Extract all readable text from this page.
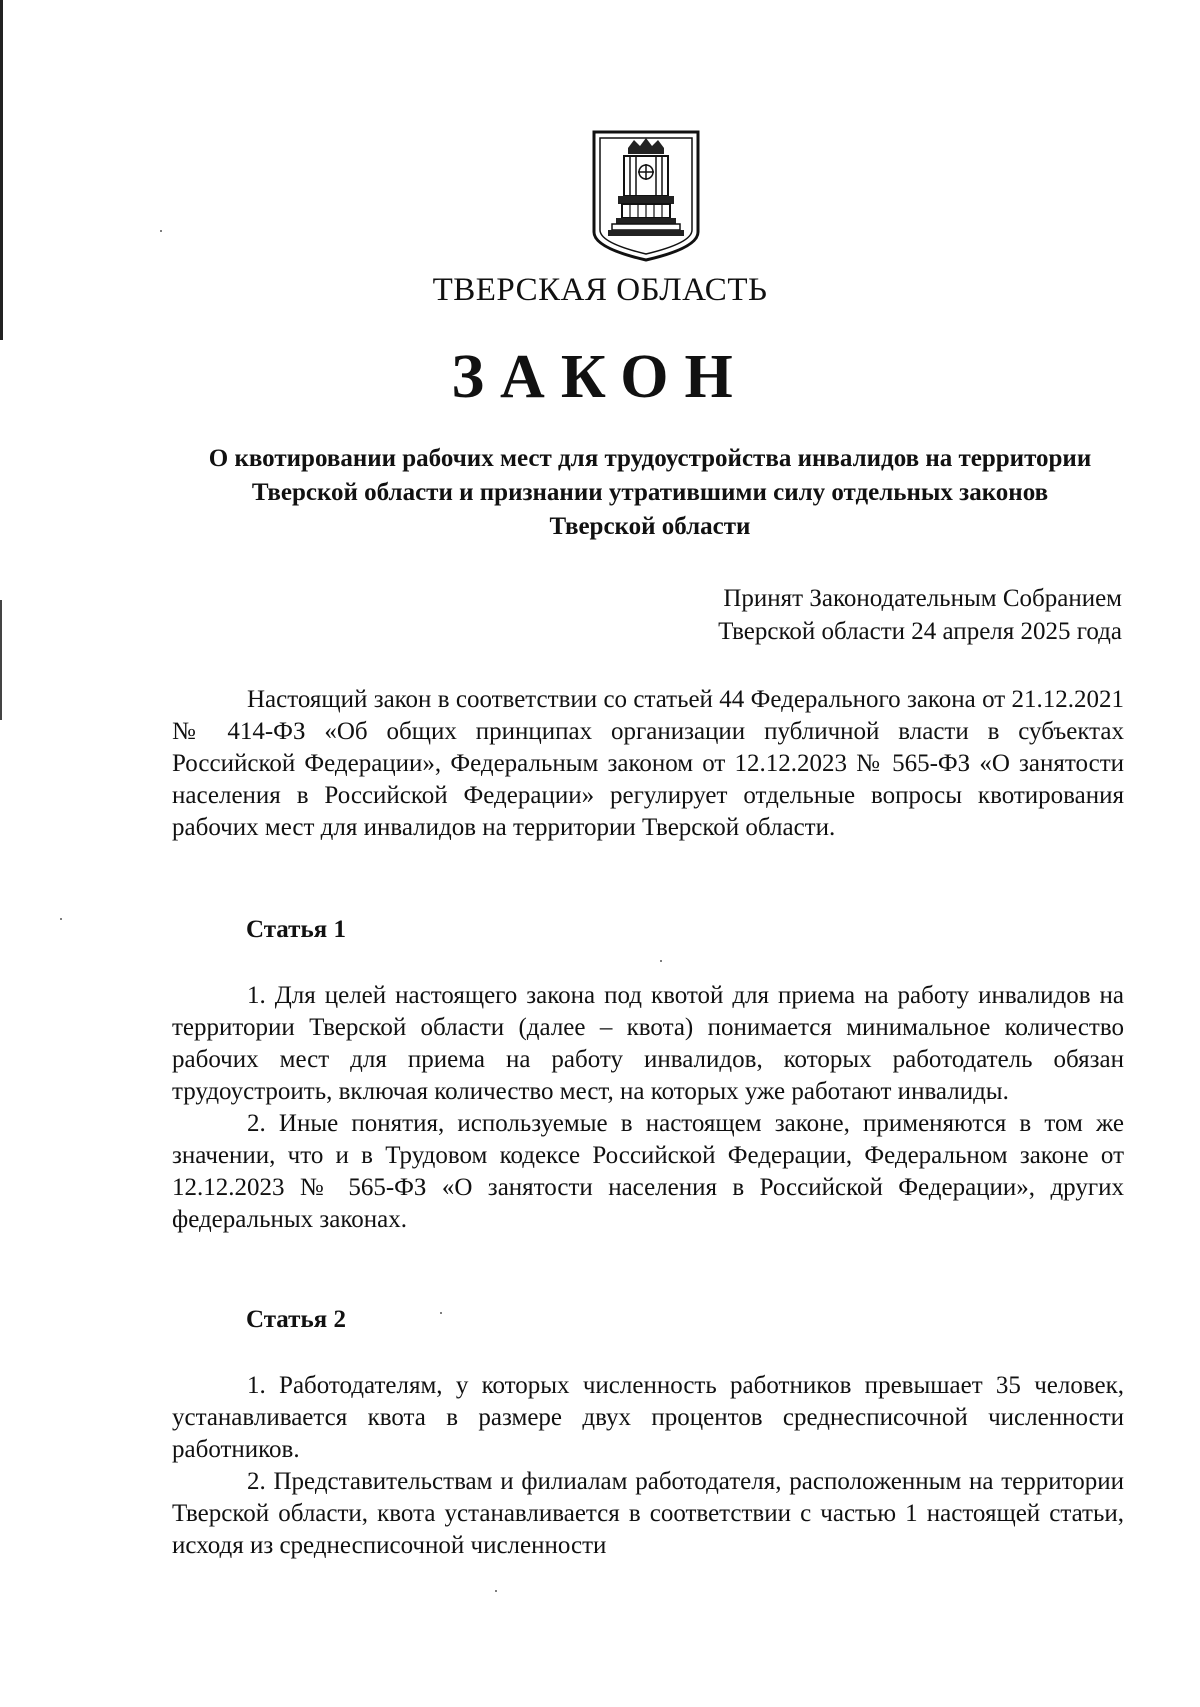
ТВЕРСКАЯ ОБЛАСТЬ
ЗАКОН
О квотировании рабочих мест для трудоустройства инвалидов на территории Тверской области и признании утратившими силу отдельных законов Тверской области
Принят Законодательным Собранием
Тверской области 24 апреля 2025 года

Настоящий закон в соответствии со статьей 44 Федерального закона от 21.12.2021 № 414-ФЗ «Об общих принципах организации публичной власти в субъектах Российской Федерации», Федеральным законом от 12.12.2023 № 565-ФЗ «О занятости населения в Российской Федерации» регулирует отдельные вопросы квотирования рабочих мест для инвалидов на территории Тверской области.

Статья 1

1. Для целей настоящего закона под квотой для приема на работу инвалидов на территории Тверской области (далее – квота) понимается минимальное количество рабочих мест для приема на работу инвалидов, которых работодатель обязан трудоустроить, включая количество мест, на которых уже работают инвалиды.

2. Иные понятия, используемые в настоящем законе, применяются в том же значении, что и в Трудовом кодексе Российской Федерации, Федеральном законе от 12.12.2023 № 565-ФЗ «О занятости населения в Российской Федерации», других федеральных законах.

Статья 2

1. Работодателям, у которых численность работников превышает 35 человек, устанавливается квота в размере двух процентов среднесписочной численности работников.

2. Представительствам и филиалам работодателя, расположенным на территории Тверской области, квота устанавливается в соответствии с частью 1 настоящей статьи, исходя из среднесписочной численности
